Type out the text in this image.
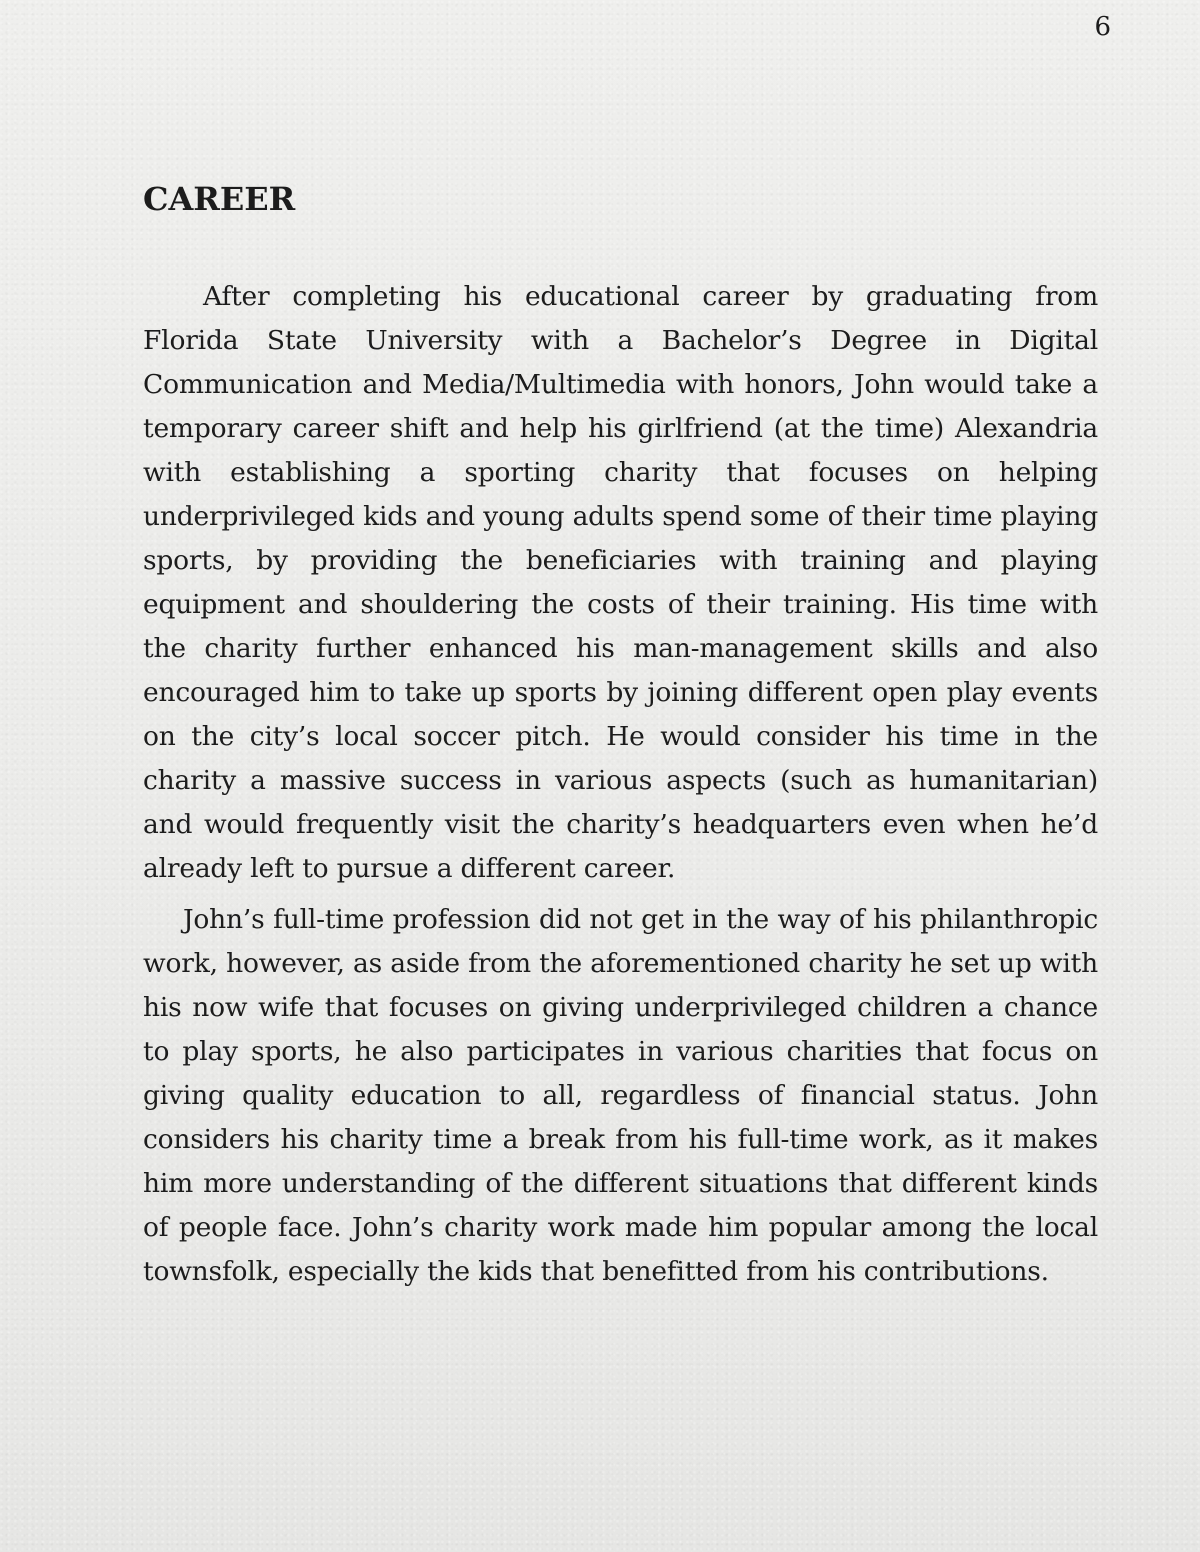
6
CAREER

After completing his educational career by graduating from Florida State University with a Bachelor’s Degree in Digital Communication and Media/Multimedia with honors, John would take a temporary career shift and help his girlfriend (at the time) Alexandria with establishing a sporting charity that focuses on helping underprivileged kids and young adults spend some of their time playing sports, by providing the beneficiaries with training and playing equipment and shouldering the costs of their training. His time with the charity further enhanced his man-management skills and also encouraged him to take up sports by joining different open play events on the city’s local soccer pitch. He would consider his time in the charity a massive success in various aspects (such as humanitarian) and would frequently visit the charity’s headquarters even when he’d already left to pursue a different career.

John’s full-time profession did not get in the way of his philanthropic work, however, as aside from the aforementioned charity he set up with his now wife that focuses on giving underprivileged children a chance to play sports, he also participates in various charities that focus on giving quality education to all, regardless of financial status. John considers his charity time a break from his full-time work, as it makes him more understanding of the different situations that different kinds of people face. John’s charity work made him popular among the local townsfolk, especially the kids that benefitted from his contributions.
